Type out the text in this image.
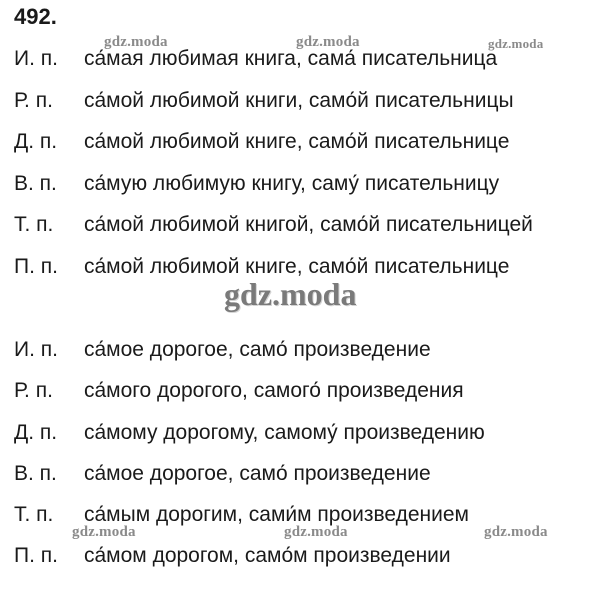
492.
gdz.moda	gdz.moda	gdz.moda
gdz.moda
gdz.moda	gdz.moda	gdz.moda
И. п. са́мая любимая книга, сама́ писательница
Р. п. са́мой любимой книги, само́й писательницы
Д. п. са́мой любимой книге, само́й писательнице
В. п. са́мую любимую книгу, саму́ писательницу
Т. п. са́мой любимой книгой, само́й писательницей
П. п. са́мой любимой книге, само́й писательнице
И. п. са́мое дорогое, само́ произведение
Р. п. са́мого дорогого, самого́ произведения
Д. п. са́мому дорогому, самому́ произведению
В. п. са́мое дорогое, само́ произведение
Т. п. са́мым дорогим, сами́м произведением
П. п. са́мом дорогом, само́м произведении
